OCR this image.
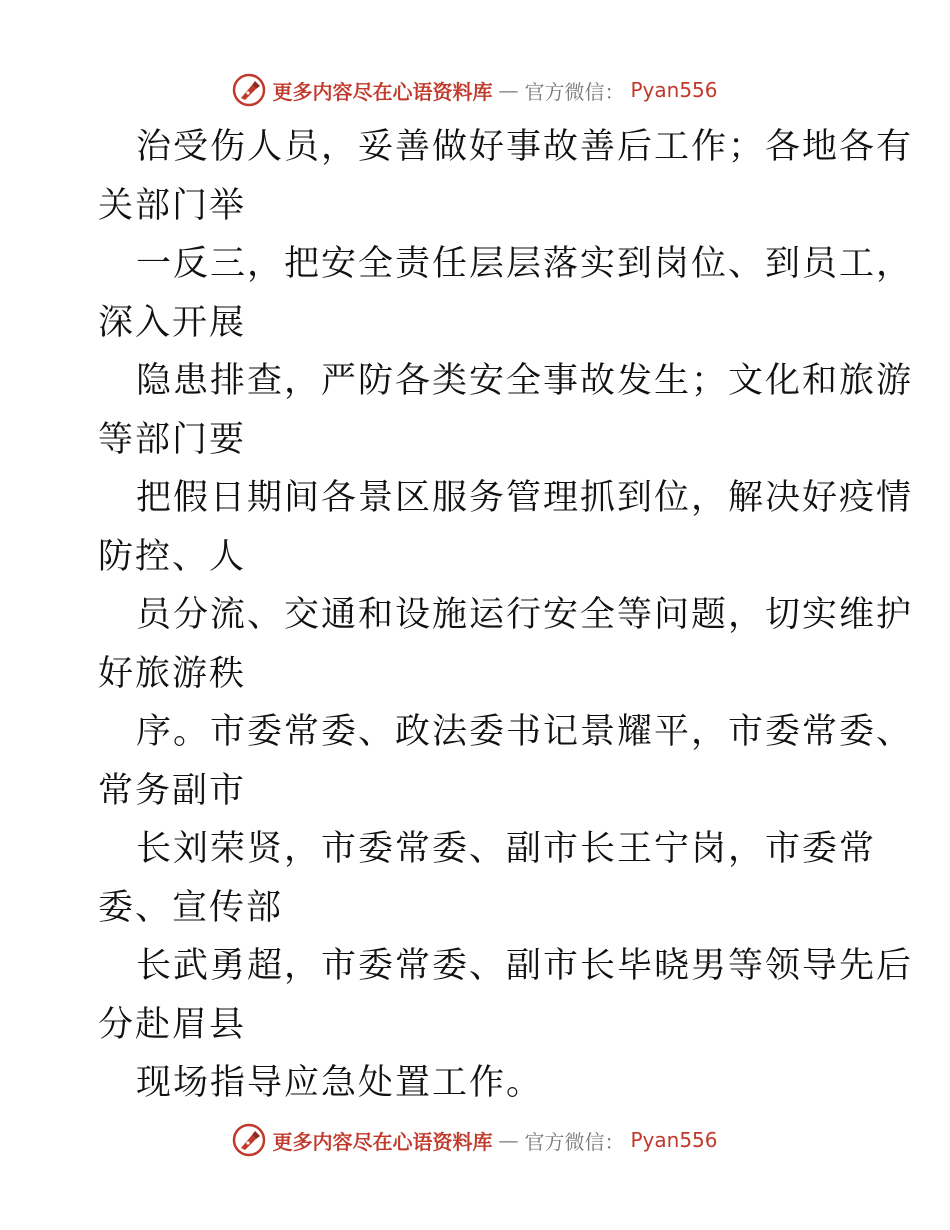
更多内容尽在心语资料库 — 官方微信： Pyan556
治受伤人员，妥善做好事故善后工作；各地各有
关部门举
一反三，把安全责任层层落实到岗位、到员工，
深入开展
隐患排查，严防各类安全事故发生；文化和旅游
等部门要
把假日期间各景区服务管理抓到位，解决好疫情
防控、人
员分流、交通和设施运行安全等问题，切实维护
好旅游秩
序。市委常委、政法委书记景耀平，市委常委、
常务副市
长刘荣贤，市委常委、副市长王宁岗，市委常
委、宣传部
长武勇超，市委常委、副市长毕晓男等领导先后
分赴眉县
现场指导应急处置工作。
更多内容尽在心语资料库 — 官方微信： Pyan556
